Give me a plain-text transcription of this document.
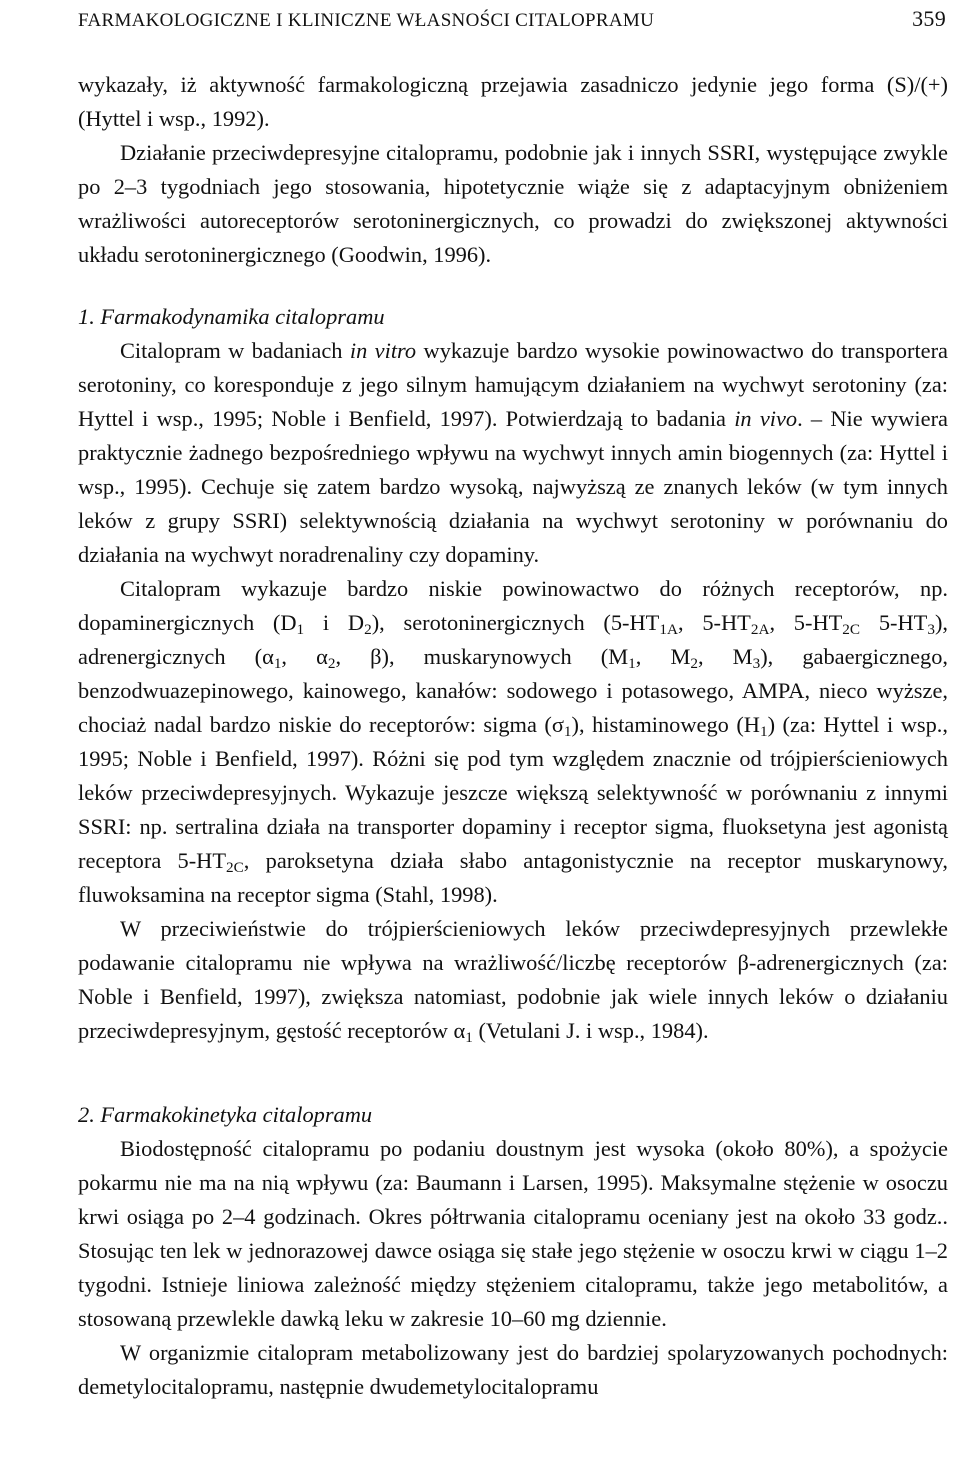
FARMAKOLOGICZNE I KLINICZNE WŁASNOŚCI CITALOPRAMU	359

wykazały, iż aktywność farmakologiczną przejawia zasadniczo jedynie jego forma (S)/(+) (Hyttel i wsp., 1992).

Działanie przeciwdepresyjne citalopramu, podobnie jak i innych SSRI, występujące zwykle po 2–3 tygodniach jego stosowania, hipotetycznie wiąże się z adaptacyjnym obniżeniem wrażliwości autoreceptorów serotoninergicznych, co prowadzi do zwiększonej aktywności układu serotoninergicznego (Goodwin, 1996).

1. Farmakodynamika citalopramu

Citalopram w badaniach in vitro wykazuje bardzo wysokie powinowactwo do transportera serotoniny, co koresponduje z jego silnym hamującym działaniem na wychwyt serotoniny (za: Hyttel i wsp., 1995; Noble i Benfield, 1997). Potwierdzają to badania in vivo. – Nie wywiera praktycznie żadnego bezpośredniego wpływu na wychwyt innych amin biogennych (za: Hyttel i wsp., 1995). Cechuje się zatem bardzo wysoką, najwyższą ze znanych leków (w tym innych leków z grupy SSRI) selektywnością działania na wychwyt serotoniny w porównaniu do działania na wychwyt noradrenaliny czy dopaminy.

Citalopram wykazuje bardzo niskie powinowactwo do różnych receptorów, np. dopaminergicznych ($D_1$ i $D_2$), serotoninergicznych ($5-HT_{1A}$, $5-HT_{2A}$, $5-HT_{2C}$ $5-HT_3$), adrenergicznych ($\alpha_1$, $\alpha_2$, β), muskarynowych ($M_1$, $M_2$, $M_3$), gabaergicznego, benzodwuazepinowego, kainowego, kanałów: sodowego i potasowego, AMPA, nieco wyższe, chociaż nadal bardzo niskie do receptorów: sigma $(\sigma_1)$, histaminowego $(H_1)$ (za: Hyttel i wsp., 1995; Noble i Benfield, 1997). Różni się pod tym względem znacznie od trójpierścieniowych leków przeciwdepresyjnych. Wykazuje jeszcze większą selektywność w porównaniu z innymi SSRI: np. sertralina działa na transporter dopaminy i receptor sigma, fluoksetyna jest agonistą receptora $5-HT_{2C}$, paroksetyna działa słabo antagonistycznie na receptor muskarynowy, fluwoksamina na receptor sigma (Stahl, 1998).

W przeciwieństwie do trójpierścieniowych leków przeciwdepresyjnych przewlekłe podawanie citalopramu nie wpływa na wrażliwość/liczbę receptorów β-adrenergicznych (za: Noble i Benfield, 1997), zwiększa natomiast, podobnie jak wiele innych leków o działaniu przeciwdepresyjnym, gęstość receptorów $\alpha_1$ (Vetulani J. i wsp., 1984).

2. Farmakokinetyka citalopramu

Biodostępność citalopramu po podaniu doustnym jest wysoka (około 80%), a spożycie pokarmu nie ma na nią wpływu (za: Baumann i Larsen, 1995). Maksymalne stężenie w osoczu krwi osiąga po 2–4 godzinach. Okres półtrwania citalopramu oceniany jest na około 33 godz.. Stosując ten lek w jednorazowej dawce osiąga się stałe jego stężenie w osoczu krwi w ciągu 1–2 tygodni. Istnieje liniowa zależność między stężeniem citalopramu, także jego metabolitów, a stosowaną przewlekle dawką leku w zakresie 10–60 mg dziennie.

W organizmie citalopram metabolizowany jest do bardziej spolaryzowanych pochodnych: demetylocitalopramu, następnie dwudemetylocitalopramu
